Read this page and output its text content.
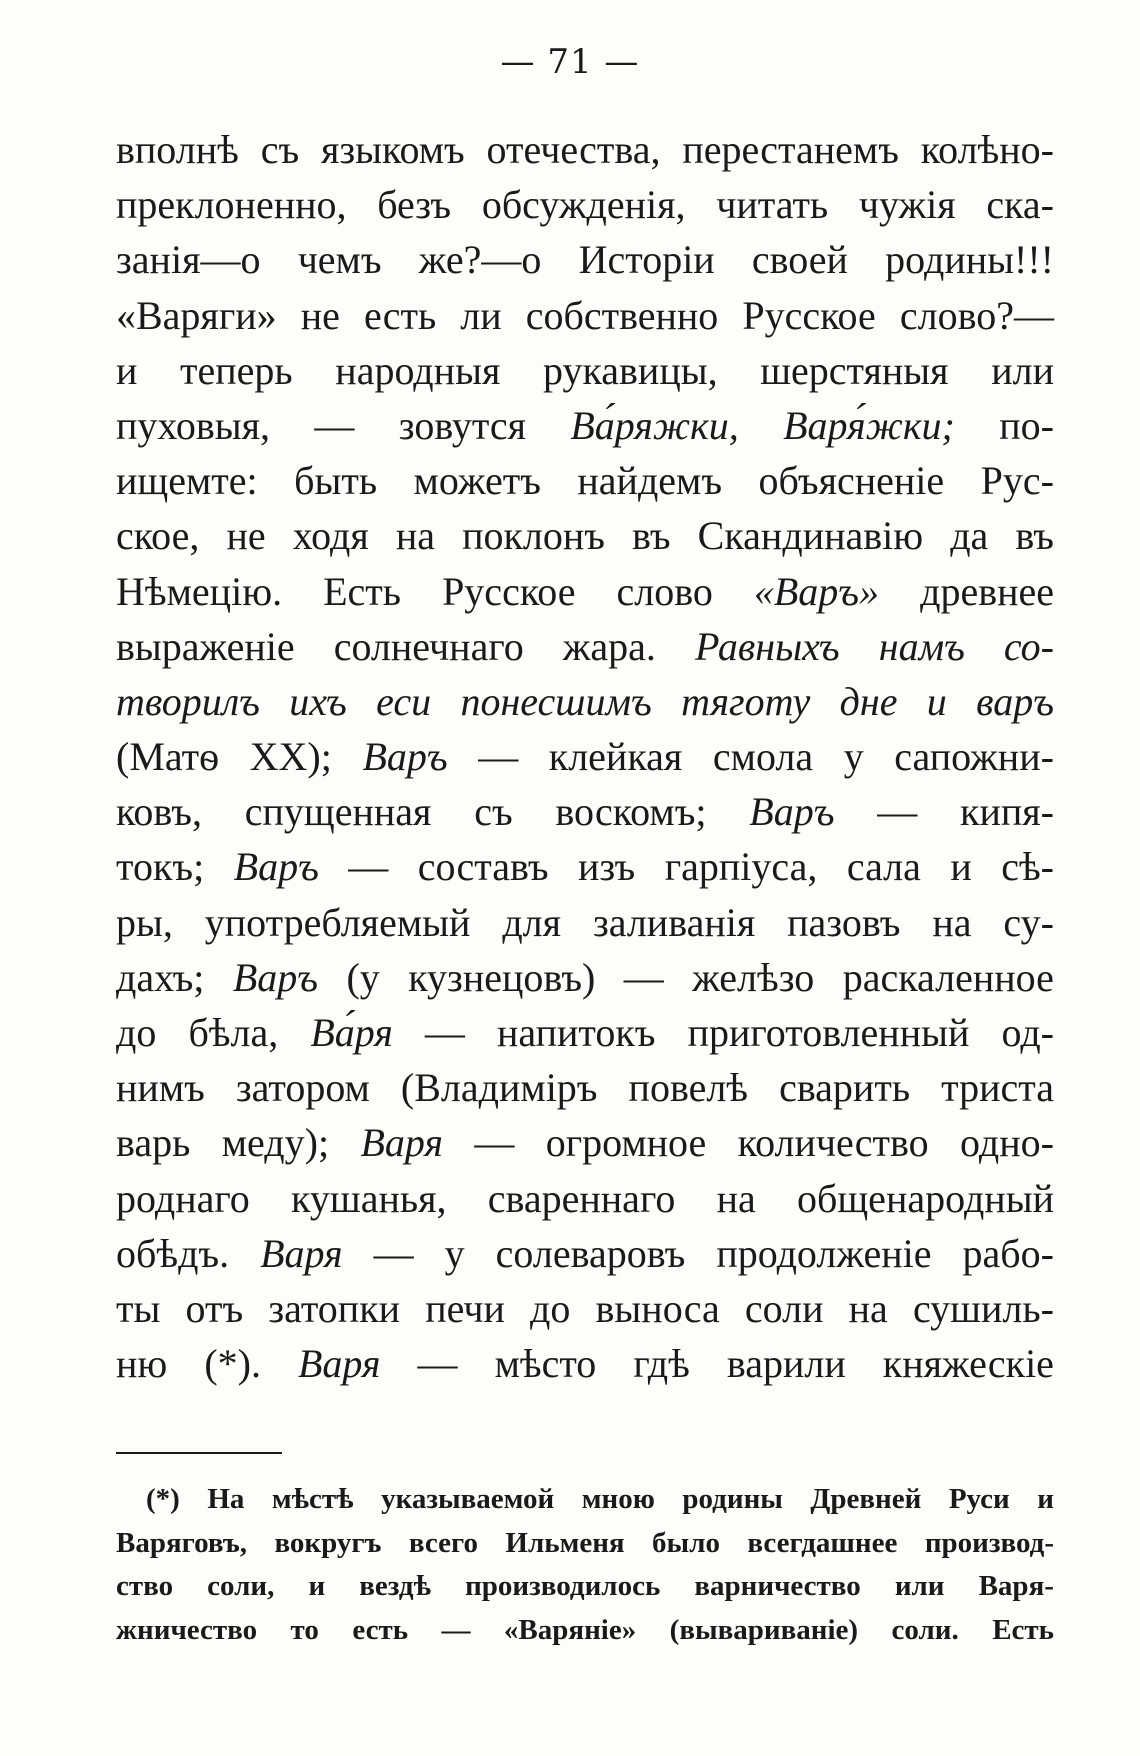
— 71 —
вполнѣ съ языкомъ отечества, перестанемъ колѣно-
преклоненно, безъ обсужденія, читать чужія ска-
занія—о чемъ же?—о Исторіи своей родины!!!
«Варяги» не есть ли собственно Русское слово?—
и теперь народныя рукавицы, шерстяныя или
пуховыя, — зовутся Ва́ряжки, Варя́жки; по-
ищемте: быть можетъ найдемъ объясненіе Рус-
ское, не ходя на поклонъ въ Скандинавію да въ
Нѣмецію. Есть Русское слово «Варъ» древнее
выраженіе солнечнаго жара. Равныхъ намъ со-
творилъ ихъ еси понесшимъ тяготу дне и варъ
(Матѳ XX); Варъ — клейкая смола у сапожни-
ковъ, спущенная съ воскомъ; Варъ — кипя-
токъ; Варъ — составъ изъ гарпіуса, сала и сѣ-
ры, употребляемый для заливанія пазовъ на су-
дахъ; Варъ (у кузнецовъ) — желѣзо раскаленное
до бѣла, Ва́ря — напитокъ приготовленный од-
нимъ затором (Владиміръ повелѣ сварить триста
варь меду); Варя — огромное количество одно-
роднаго кушанья, свареннаго на общенародный
обѣдъ. Варя — у солеваровъ продолженіе рабо-
ты отъ затопки печи до выноса соли на сушиль-
ню (*). Варя — мѣсто гдѣ варили княжескіе
(*) На мѣстѣ указываемой мною родины Древней Руси и
Варяговъ, вокругъ всего Ильменя было всегдашнее производ-
ство соли, и вездѣ производилось варничество или Варя-
жничество то есть — «Варяніе» (вывариваніе) соли. Есть
